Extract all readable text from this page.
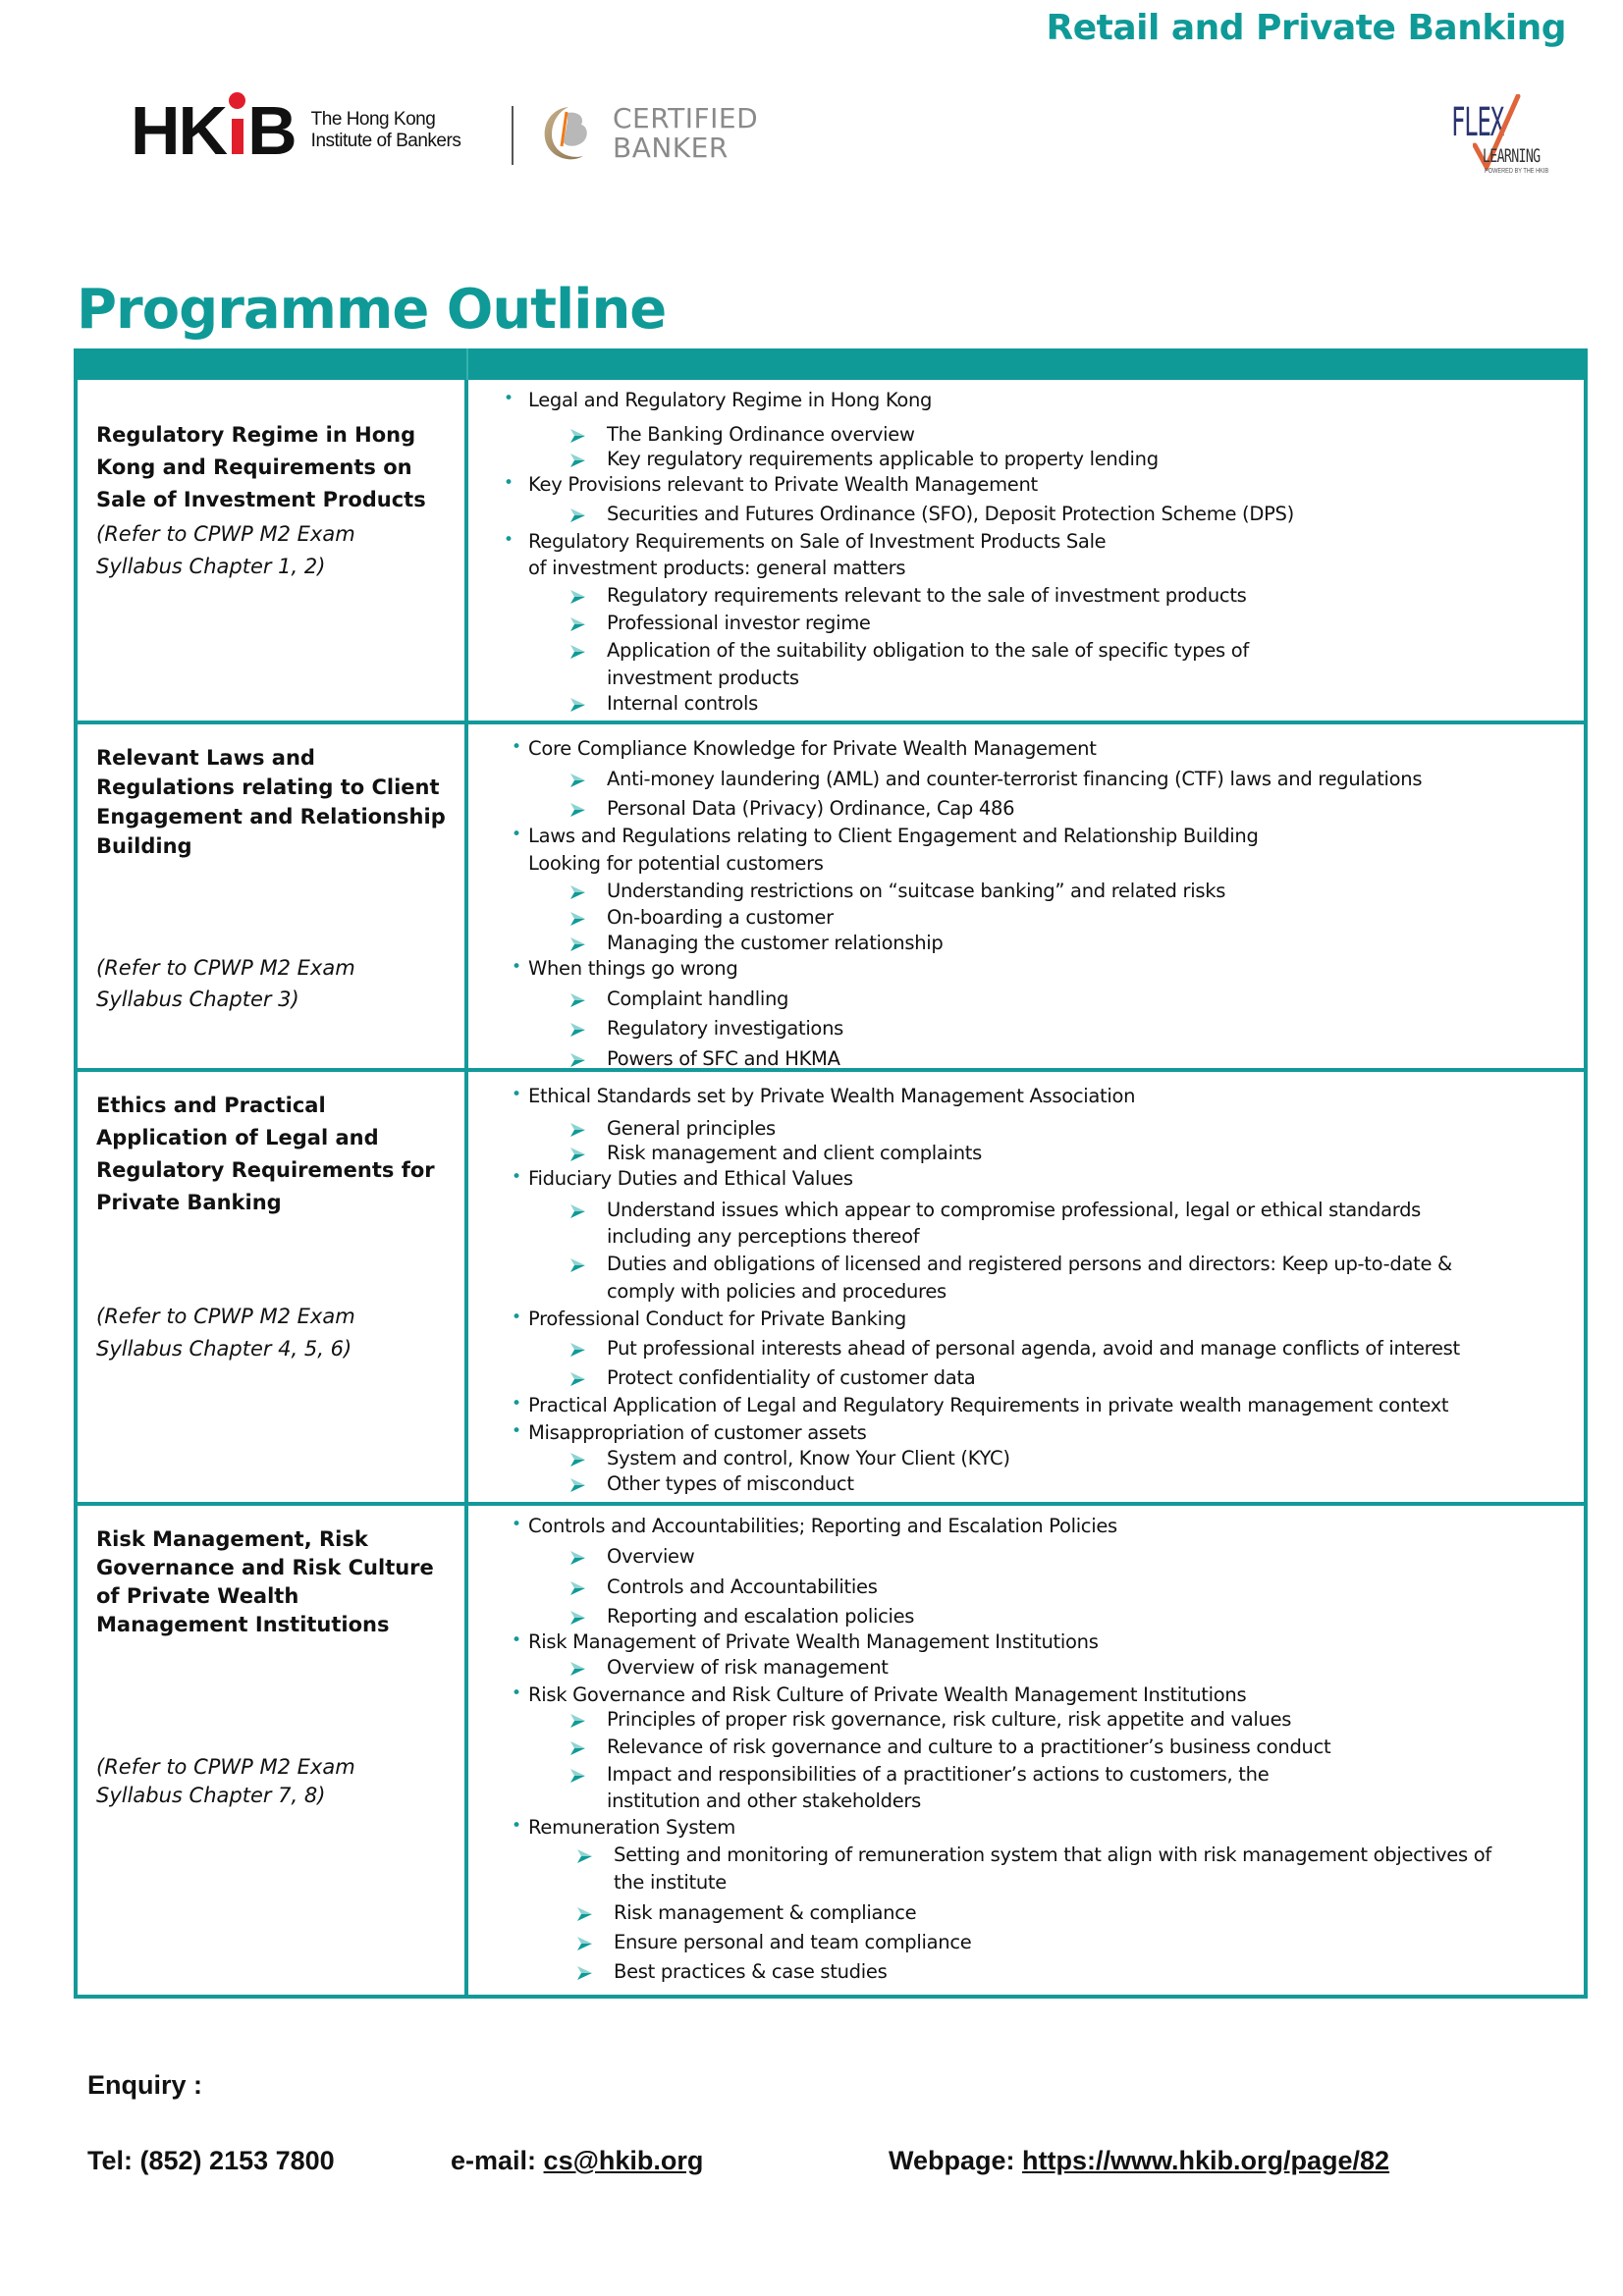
Retail and Private Banking
HK B The Hong Kong
Institute of Bankers
CERTIFIED
BANKER
FLEX
LEARNING
POWERED BY THE HKIB
Programme Outline
Regulatory Regime in Hong
Kong and Requirements on
Sale of Investment Products
(Refer to CPWP M2 Exam
Syllabus Chapter 1, 2)
• Legal and Regulatory Regime in Hong Kong
The Banking Ordinance overview
Key regulatory requirements applicable to property lending
• Key Provisions relevant to Private Wealth Management
Securities and Futures Ordinance (SFO), Deposit Protection Scheme (DPS)
• Regulatory Requirements on Sale of Investment Products Sale
of investment products: general matters
Regulatory requirements relevant to the sale of investment products
Professional investor regime
Application of the suitability obligation to the sale of specific types of
investment products
Internal controls
Relevant Laws and
Regulations relating to Client
Engagement and Relationship
Building
(Refer to CPWP M2 Exam
Syllabus Chapter 3)
• Core Compliance Knowledge for Private Wealth Management
Anti-money laundering (AML) and counter-terrorist financing (CTF) laws and regulations
Personal Data (Privacy) Ordinance, Cap 486
• Laws and Regulations relating to Client Engagement and Relationship Building
Looking for potential customers
Understanding restrictions on “suitcase banking” and related risks
On-boarding a customer
Managing the customer relationship
• When things go wrong
Complaint handling
Regulatory investigations
Powers of SFC and HKMA
Ethics and Practical
Application of Legal and
Regulatory Requirements for
Private Banking
(Refer to CPWP M2 Exam
Syllabus Chapter 4, 5, 6)
• Ethical Standards set by Private Wealth Management Association
General principles
Risk management and client complaints
• Fiduciary Duties and Ethical Values
Understand issues which appear to compromise professional, legal or ethical standards
including any perceptions thereof
Duties and obligations of licensed and registered persons and directors: Keep up-to-date &
comply with policies and procedures
• Professional Conduct for Private Banking
Put professional interests ahead of personal agenda, avoid and manage conflicts of interest
Protect confidentiality of customer data
• Practical Application of Legal and Regulatory Requirements in private wealth management context
• Misappropriation of customer assets
System and control, Know Your Client (KYC)
Other types of misconduct
Risk Management, Risk
Governance and Risk Culture
of Private Wealth
Management Institutions
(Refer to CPWP M2 Exam
Syllabus Chapter 7, 8)
• Controls and Accountabilities; Reporting and Escalation Policies
Overview
Controls and Accountabilities
Reporting and escalation policies
• Risk Management of Private Wealth Management Institutions
Overview of risk management
• Risk Governance and Risk Culture of Private Wealth Management Institutions
Principles of proper risk governance, risk culture, risk appetite and values
Relevance of risk governance and culture to a practitioner’s business conduct
Impact and responsibilities of a practitioner’s actions to customers, the
institution and other stakeholders
• Remuneration System
Setting and monitoring of remuneration system that align with risk management objectives of
the institute
Risk management & compliance
Ensure personal and team compliance
Best practices & case studies
Enquiry :
Tel: (852) 2153 7800	e-mail: cs@hkib.org	Webpage: https://www.hkib.org/page/82
